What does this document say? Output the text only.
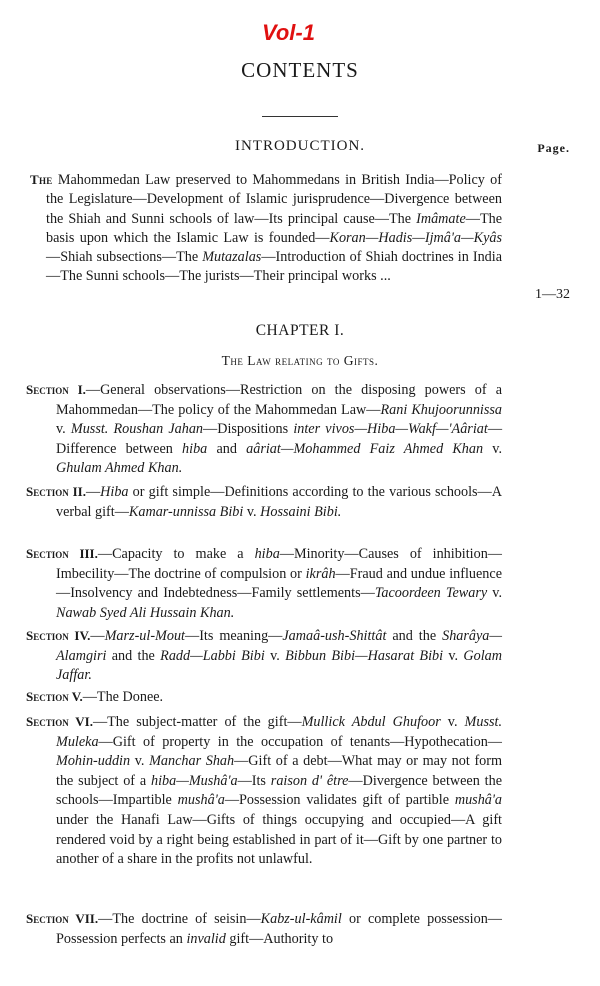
Vol-1
CONTENTS
INTRODUCTION.	Page.
The Mahommedan Law preserved to Mahommedans in British India—Policy of the Legislature—Development of Islamic jurisprudence—Divergence between the Shiah and Sunni schools of law—Its principal cause—The Imâmate—The basis upon which the Islamic Law is founded—Koran—Hadis—Ijmâ'a—Kyâs—Shiah subsections—The Mutazalas—Introduction of Shiah doctrines in India—The Sunni schools—The jurists—Their principal works ...
1—32
CHAPTER I.
The Law relating to Gifts.
Section I.—General observations—Restriction on the disposing powers of a Mahommedan—The policy of the Mahommedan Law—Rani Khujoorunnissa v. Musst. Roushan Jahan—Dispositions inter vivos—Hiba—Wakf—'Aâriat—Difference between hiba and aâriat—Mohammed Faiz Ahmed Khan v. Ghulam Ahmed Khan.
Section II.—Hiba or gift simple—Definitions according to the various schools—A verbal gift—Kamar-unnissa Bibi v. Hossaini Bibi.
Section III.—Capacity to make a hiba—Minority—Causes of inhibition—Imbecility—The doctrine of compulsion or ikrâh—Fraud and undue influence—Insolvency and Indebtedness—Family settlements—Tacoordeen Tewary v. Nawab Syed Ali Hussain Khan.
Section IV.—Marz-ul-Mout—Its meaning—Jamaâ-ush-Shittât and the Sharâya—Alamgiri and the Radd—Labbi Bibi v. Bibbun Bibi—Hasarat Bibi v. Golam Jaffar.
Section V.—The Donee.
Section VI.—The subject-matter of the gift—Mullick Abdul Ghufoor v. Musst. Muleka—Gift of property in the occupation of tenants—Hypothecation—Mohin-uddin v. Manchar Shah—Gift of a debt—What may or may not form the subject of a hiba—Mushâ'a—Its raison d' être—Divergence between the schools—Impartible mushâ'a—Possession validates gift of partible mushâ'a under the Hanafi Law—Gifts of things occupying and occupied—A gift rendered void by a right being established in part of it—Gift by one partner to another of a share in the profits not unlawful.
Section VII.—The doctrine of seisin—Kabz-ul-kâmil or complete possession—Possession perfects an invalid gift—Authority to
